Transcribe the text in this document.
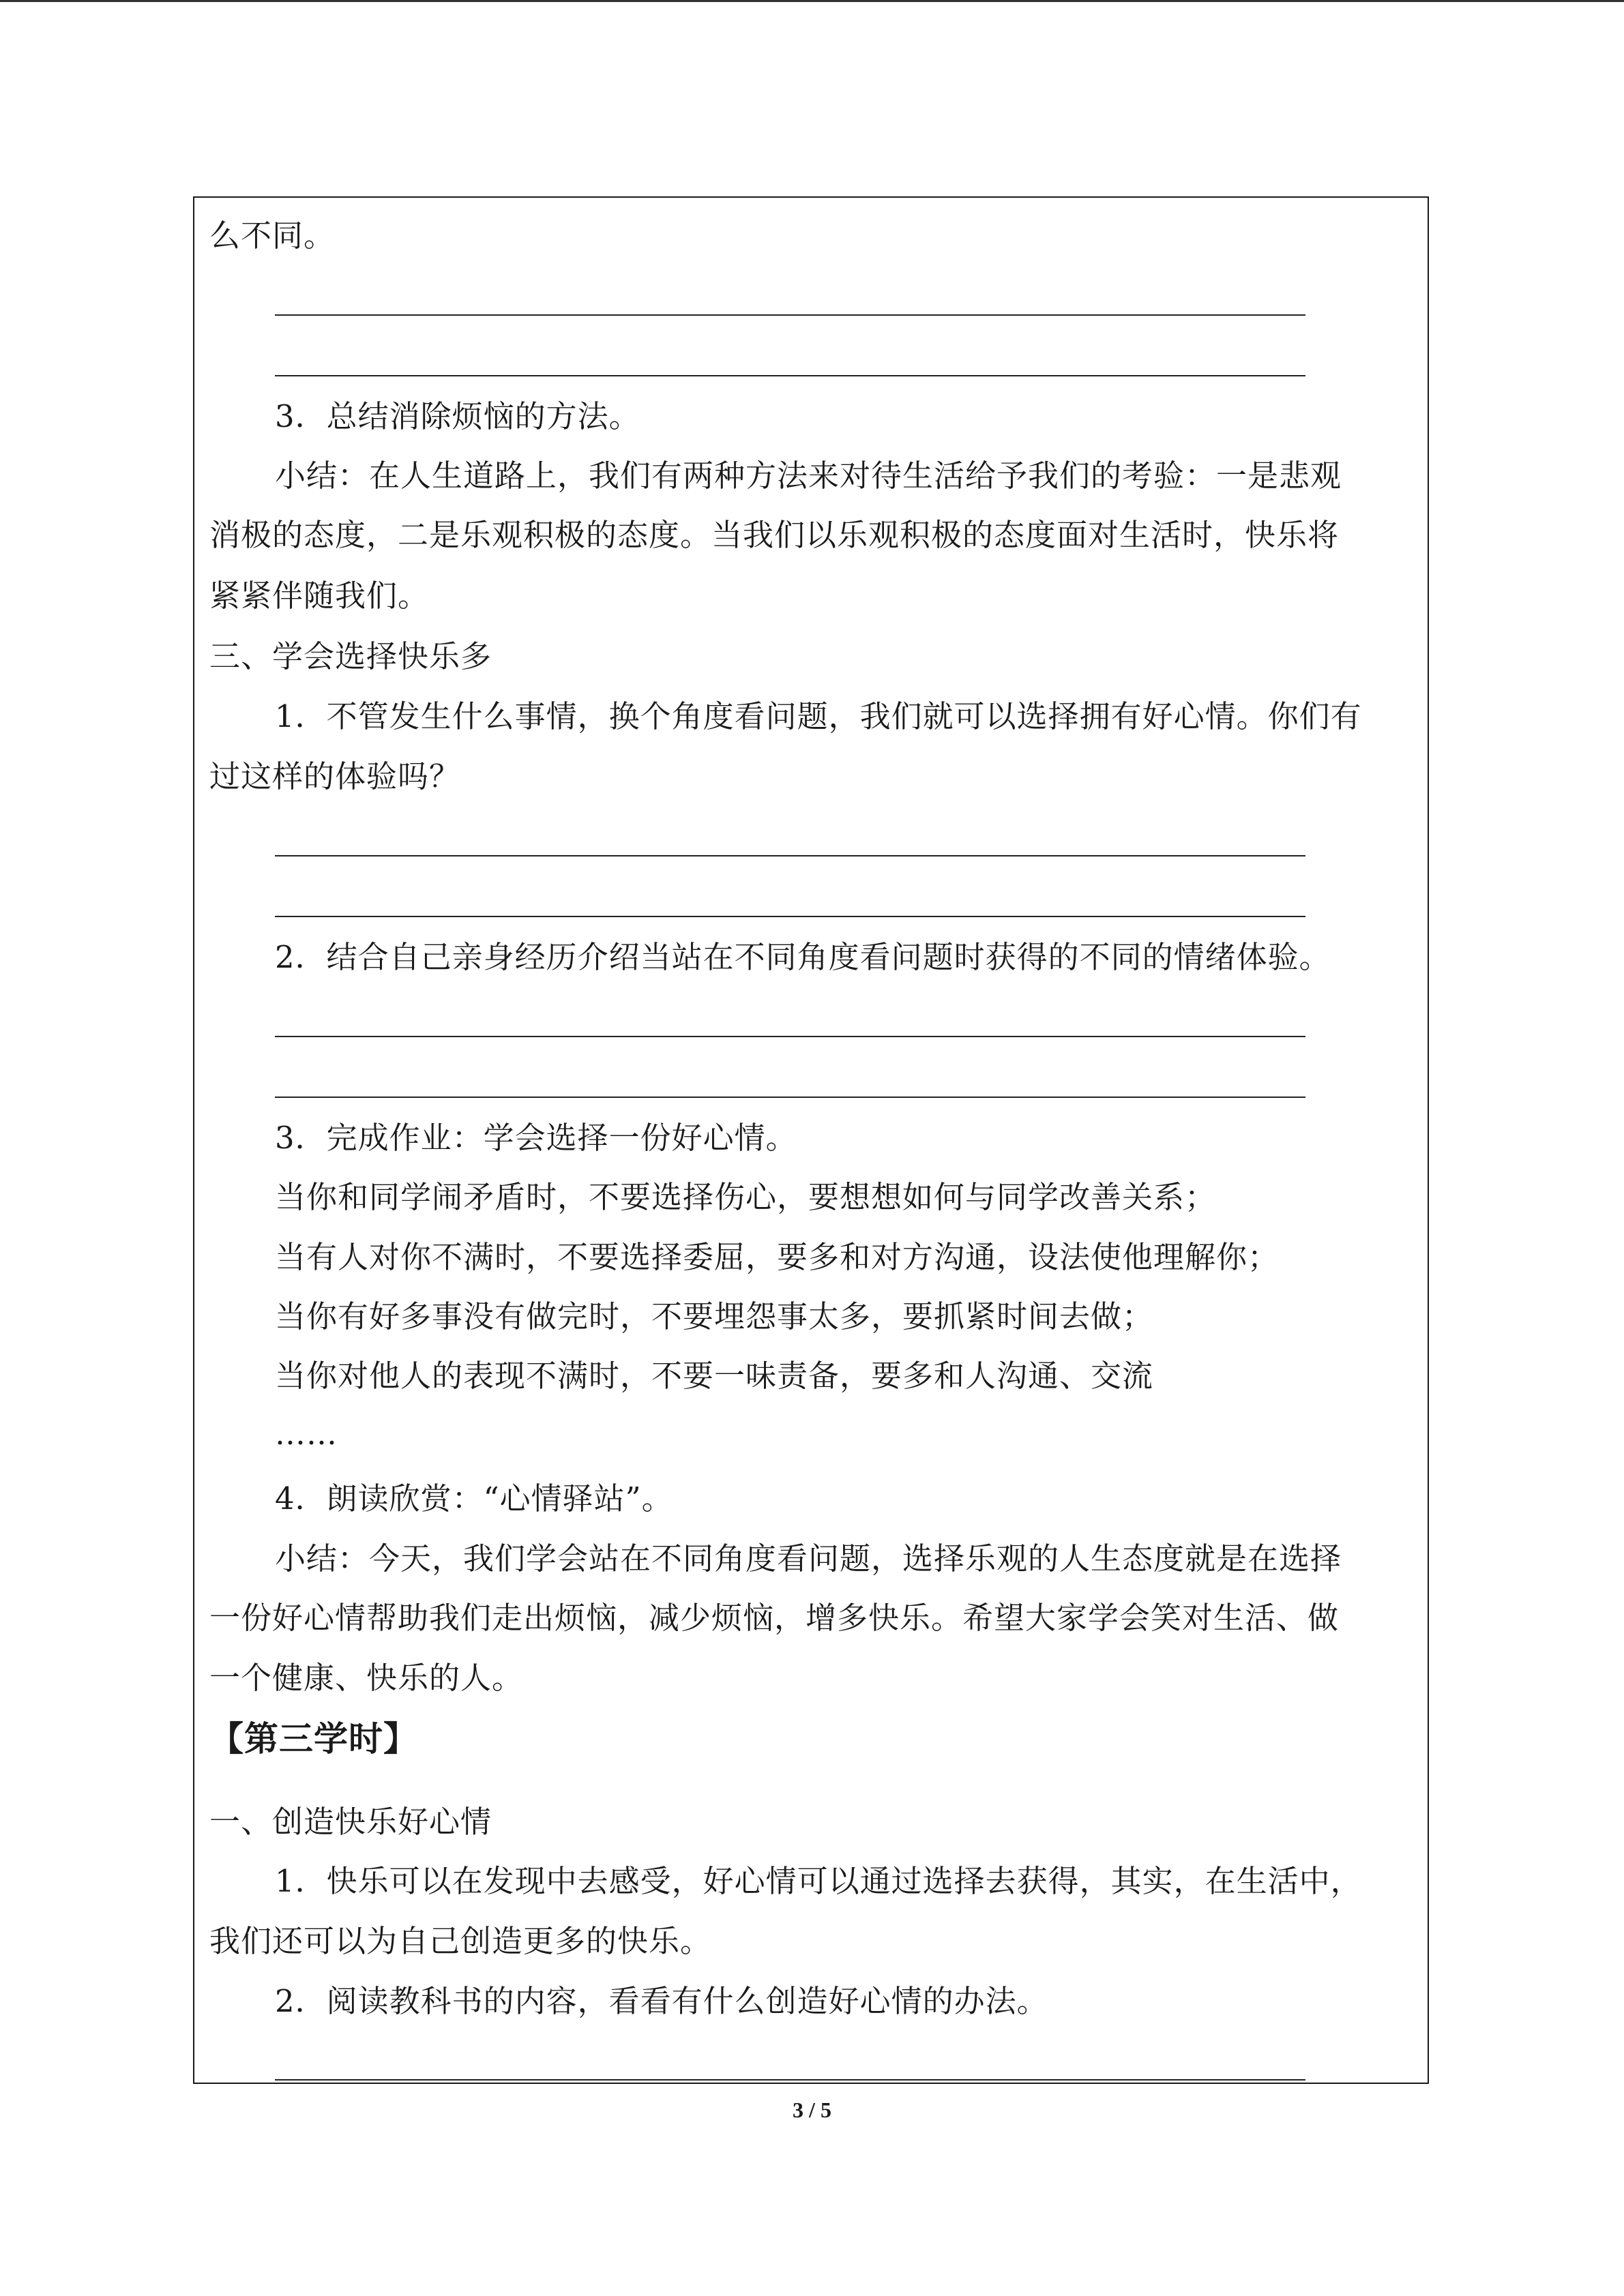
么不同。
3．总结消除烦恼的方法。
小结：在人生道路上，我们有两种方法来对待生活给予我们的考验：一是悲观
消极的态度，二是乐观积极的态度。当我们以乐观积极的态度面对生活时，快乐将
紧紧伴随我们。
三、学会选择快乐多
1．不管发生什么事情，换个角度看问题，我们就可以选择拥有好心情。你们有
过这样的体验吗？
2．结合自己亲身经历介绍当站在不同角度看问题时获得的不同的情绪体验。
3．完成作业：学会选择一份好心情。
当你和同学闹矛盾时，不要选择伤心，要想想如何与同学改善关系；
当有人对你不满时，不要选择委屈，要多和对方沟通，设法使他理解你；
当你有好多事没有做完时，不要埋怨事太多，要抓紧时间去做；
当你对他人的表现不满时，不要一味责备，要多和人沟通、交流
……
4．朗读欣赏：“心情驿站”。
小结：今天，我们学会站在不同角度看问题，选择乐观的人生态度就是在选择
一份好心情帮助我们走出烦恼，减少烦恼，增多快乐。希望大家学会笑对生活、做
一个健康、快乐的人。
【第三学时】
一、创造快乐好心情
1．快乐可以在发现中去感受，好心情可以通过选择去获得，其实，在生活中，
我们还可以为自己创造更多的快乐。
2．阅读教科书的内容，看看有什么创造好心情的办法。
3 / 5
